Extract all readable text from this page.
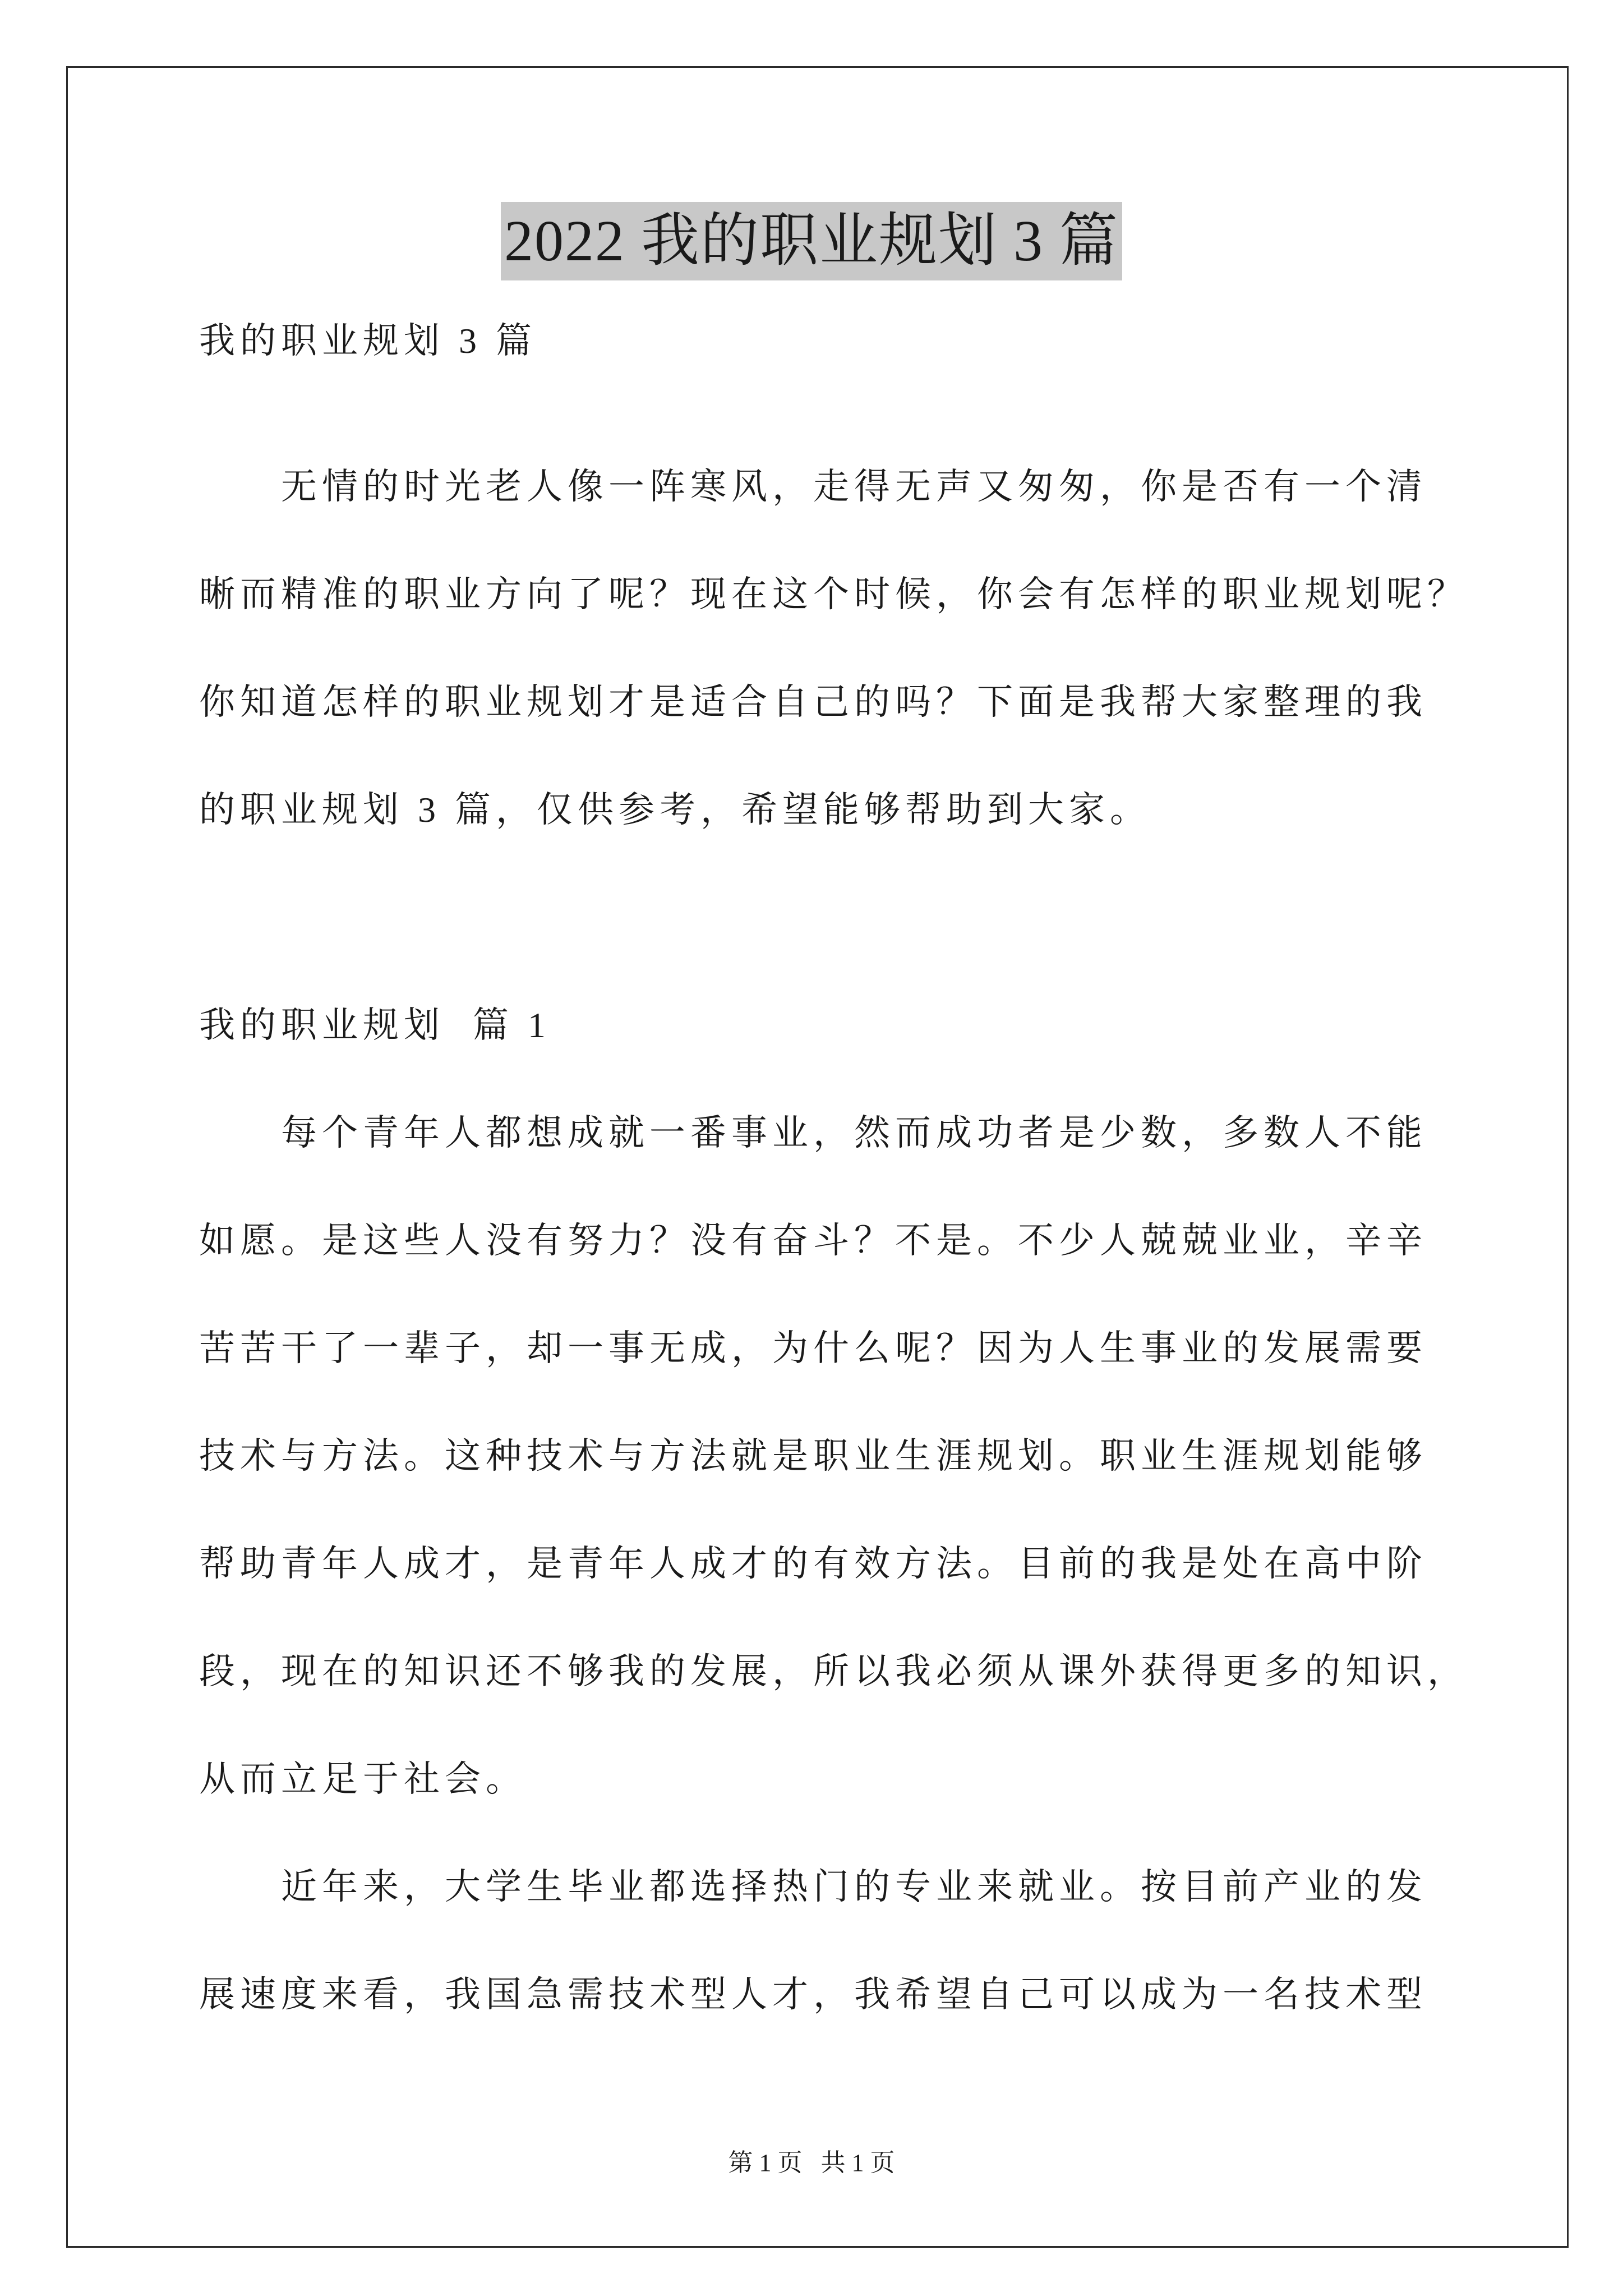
2022 我的职业规划 3 篇
我的职业规划 3 篇
无情的时光老人像一阵寒风，走得无声又匆匆，你是否有一个清
晰而精准的职业方向了呢？现在这个时候，你会有怎样的职业规划呢？
你知道怎样的职业规划才是适合自己的吗？下面是我帮大家整理的我
的职业规划 3 篇，仅供参考，希望能够帮助到大家。
我的职业规划  篇 1
每个青年人都想成就一番事业，然而成功者是少数，多数人不能
如愿。是这些人没有努力？没有奋斗？不是。不少人兢兢业业，辛辛
苦苦干了一辈子，却一事无成，为什么呢？因为人生事业的发展需要
技术与方法。这种技术与方法就是职业生涯规划。职业生涯规划能够
帮助青年人成才，是青年人成才的有效方法。目前的我是处在高中阶
段，现在的知识还不够我的发展，所以我必须从课外获得更多的知识，
从而立足于社会。
近年来，大学生毕业都选择热门的专业来就业。按目前产业的发
展速度来看，我国急需技术型人才，我希望自己可以成为一名技术型
第 1 页   共 1 页
